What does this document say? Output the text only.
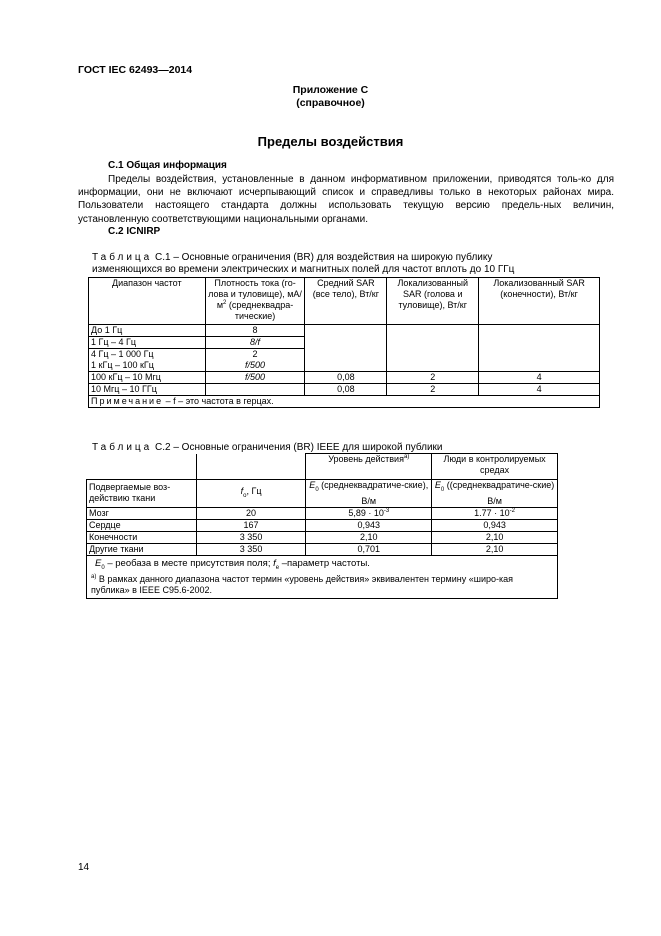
ГОСТ IEC 62493—2014
Приложение С
(справочное)
Пределы воздействия
С.1 Общая информация
Пределы воздействия, установленные в данном информативном приложении, приводятся толь-ко для информации, они не включают исчерпывающий список и справедливы только в некоторых районах мира. Пользователи настоящего стандарта должны использовать текущую версию предель-ных величин, установленную соответствующими национальными органами.
С.2 ICNIRP
Таблица С.1 – Основные ограничения (BR) для воздействия на широкую публику
изменяющихся во времени электрических и магнитных полей для частот вплоть до 10 ГГц
Диапазон частот	Плотность тока (го-лова и туловище), $мА/м^2$ (среднеквадра-тические)	Средний SAR (все тело), Вт/кг	Локализованный SAR (голова и туловище), Вт/кг	Локализованный SAR (конечности), Вт/кг
До 1 Гц	8			
1 Гц – 4 Гц	8/f			
4 Гц – 1 000 Гц	2			
1 кГц – 100 кГц	f/500			
100 кГц – 10 Мгц	f/500	0,08	2	4
10 Мгц – 10 ГГц		0,08	2	4
Примечание – f – это частота в герцах.				
Таблица С.2 – Основные ограничения (BR) IEEE для широкой публики
		Уровень действия$^{а)}$	Люди в контролируемых средах
Подвергаемые воз-действию ткани	$f_o$, Гц	$E_0$ (среднеквадратиче-ские), В/м	$E_0$ ((среднеквадратиче-ские) В/м
Мозг	20	$5,89 \cdot 10^{-3}$	$1.77 \cdot 10^{-2}$
Сердце	167	0,943	0,943
Конечности	3 350	2,10	2,10
Другие ткани	3 350	0,701	2,10

$E_0$ – реобаза в месте присутствия поля; $f_e$ –параметр частоты.
$^{а)}$ В рамках данного диапазона частот термин «уровень действия» эквивалентен термину «широ-кая публика» в IEEE C95.6-2002.			
14
